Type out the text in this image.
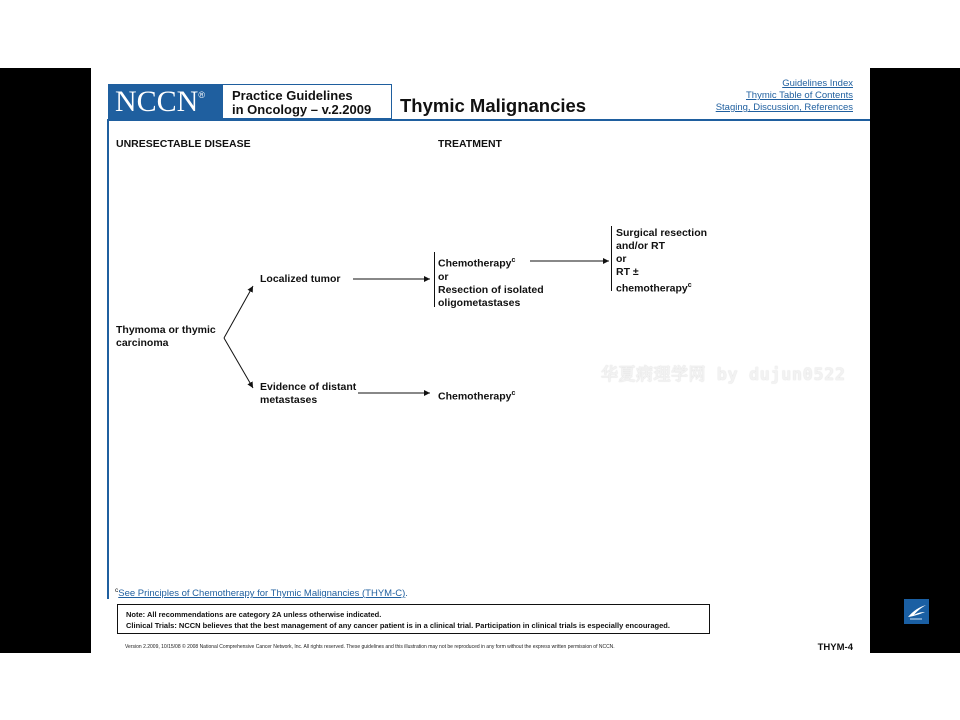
NCCN®	Practice Guidelines
in Oncology – v.2.2009	Thymic Malignancies
Guidelines Index
Thymic Table of Contents
Staging, Discussion, References
UNRESECTABLE DISEASE	TREATMENT
Thymoma or thymic
carcinoma
Localized tumor
Evidence of distant
metastases
Chemotherapy$^c$
or
Resection of isolated
oligometastases
Chemotherapy$^c$
Surgical resection
and/or RT
or
RT ±
chemotherapy$^c$
$^c$See Principles of Chemotherapy for Thymic Malignancies (THYM-C).
Note: All recommendations are category 2A unless otherwise indicated.
Clinical Trials: NCCN believes that the best management of any cancer patient is in a clinical trial. Participation in clinical trials is especially encouraged.
Version 2.2009, 10/15/08 © 2008 National Comprehensive Cancer Network, Inc. All rights reserved. These guidelines and this illustration may not be reproduced in any form without the express written permission of NCCN.	THYM-4
华夏病理学网 by dujun0522
